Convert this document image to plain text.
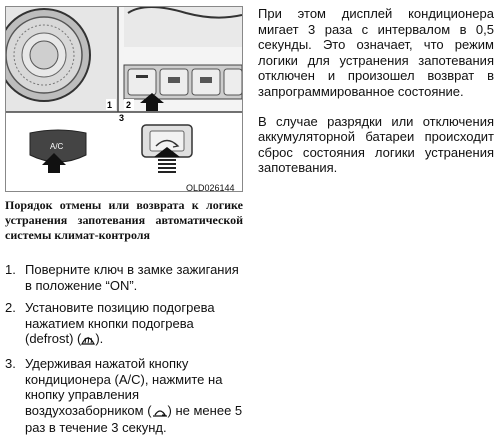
1 2
3
A/C
OLD026144
Порядок отмены или возврата к логике устранения запотевания автоматической системы климат-контроля
1. Поверните ключ в замке зажигания в положение “ON”.
2. Установите позицию подогрева нажатием кнопки подогрева (defrost) ( ).
3. Удерживая нажатой кнопку кондиционера (A/C), нажмите на кнопку управления воздухозаборником ( ) не менее 5 раз в течение 3 секунд.

При этом дисплей кондиционера мигает 3 раза с интервалом в 0,5 секунды. Это означает, что режим логики для устранения запотевания отключен и произошел возврат в запрограммированное состояние.

В случае разрядки или отключения аккумуляторной батареи происходит сброс состояния логики устранения запотевания.
